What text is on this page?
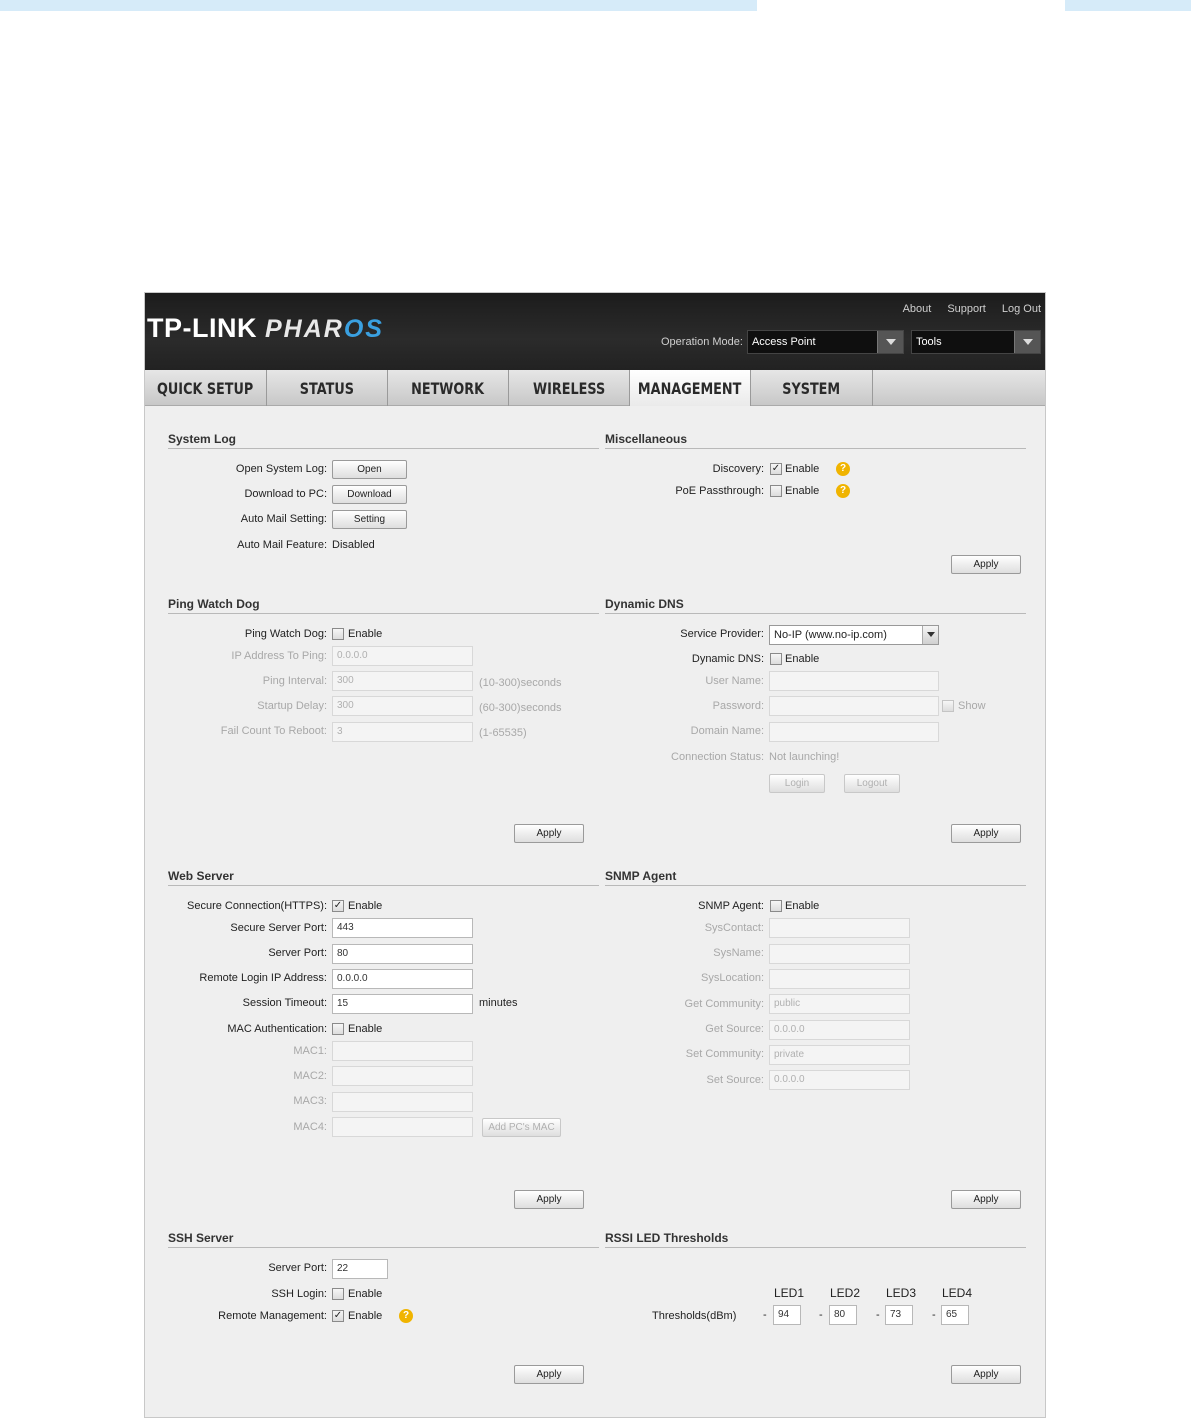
TP-LINK PHAR OS
About Support Log Out
Operation Mode: Access Point	Tools
QUICK SETUP	STATUS	NETWORK	WIRELESS MANAGEMENT	SYSTEM
System Log
Open System Log:	Open
Download to PC:	Download
Auto Mail Setting:	Setting
Auto Mail Feature: Disabled
Miscellaneous
Discovery: ✓ Enable	?
PoE Passthrough: Enable	?
Apply
Ping Watch Dog
Ping Watch Dog: Enable
IP Address To Ping:	0.0.0.0
Ping Interval:	300	(10-300)seconds
Startup Delay:	300	(60-300)seconds
Fail Count To Reboot:	3	(1-65535)
Apply
Dynamic DNS
Service Provider: No-IP (www.no-ip.com)
Dynamic DNS: Enable
User Name:
Password:	Show
Domain Name:
Connection Status: Not launching!
Login	Logout
Apply
Web Server
Secure Connection(HTTPS): ✓ Enable
Secure Server Port:	443
Server Port:	80
Remote Login IP Address:	0.0.0.0
Session Timeout:	15	minutes
MAC Authentication: Enable
MAC1:
MAC2:
MAC3:
MAC4:	Add PC's MAC
Apply
SNMP Agent
SNMP Agent: Enable
SysContact:
SysName:
SysLocation:
Get Community:	public
Get Source:	0.0.0.0
Set Community:	private
Set Source:	0.0.0.0
Apply
SSH Server
Server Port:	22
SSH Login: Enable
Remote Management: ✓ Enable	?
Apply
RSSI LED Thresholds
LED1 LED2 LED3 LED4
Thresholds(dBm) -	94	-	80	-	73	-	65
Apply
